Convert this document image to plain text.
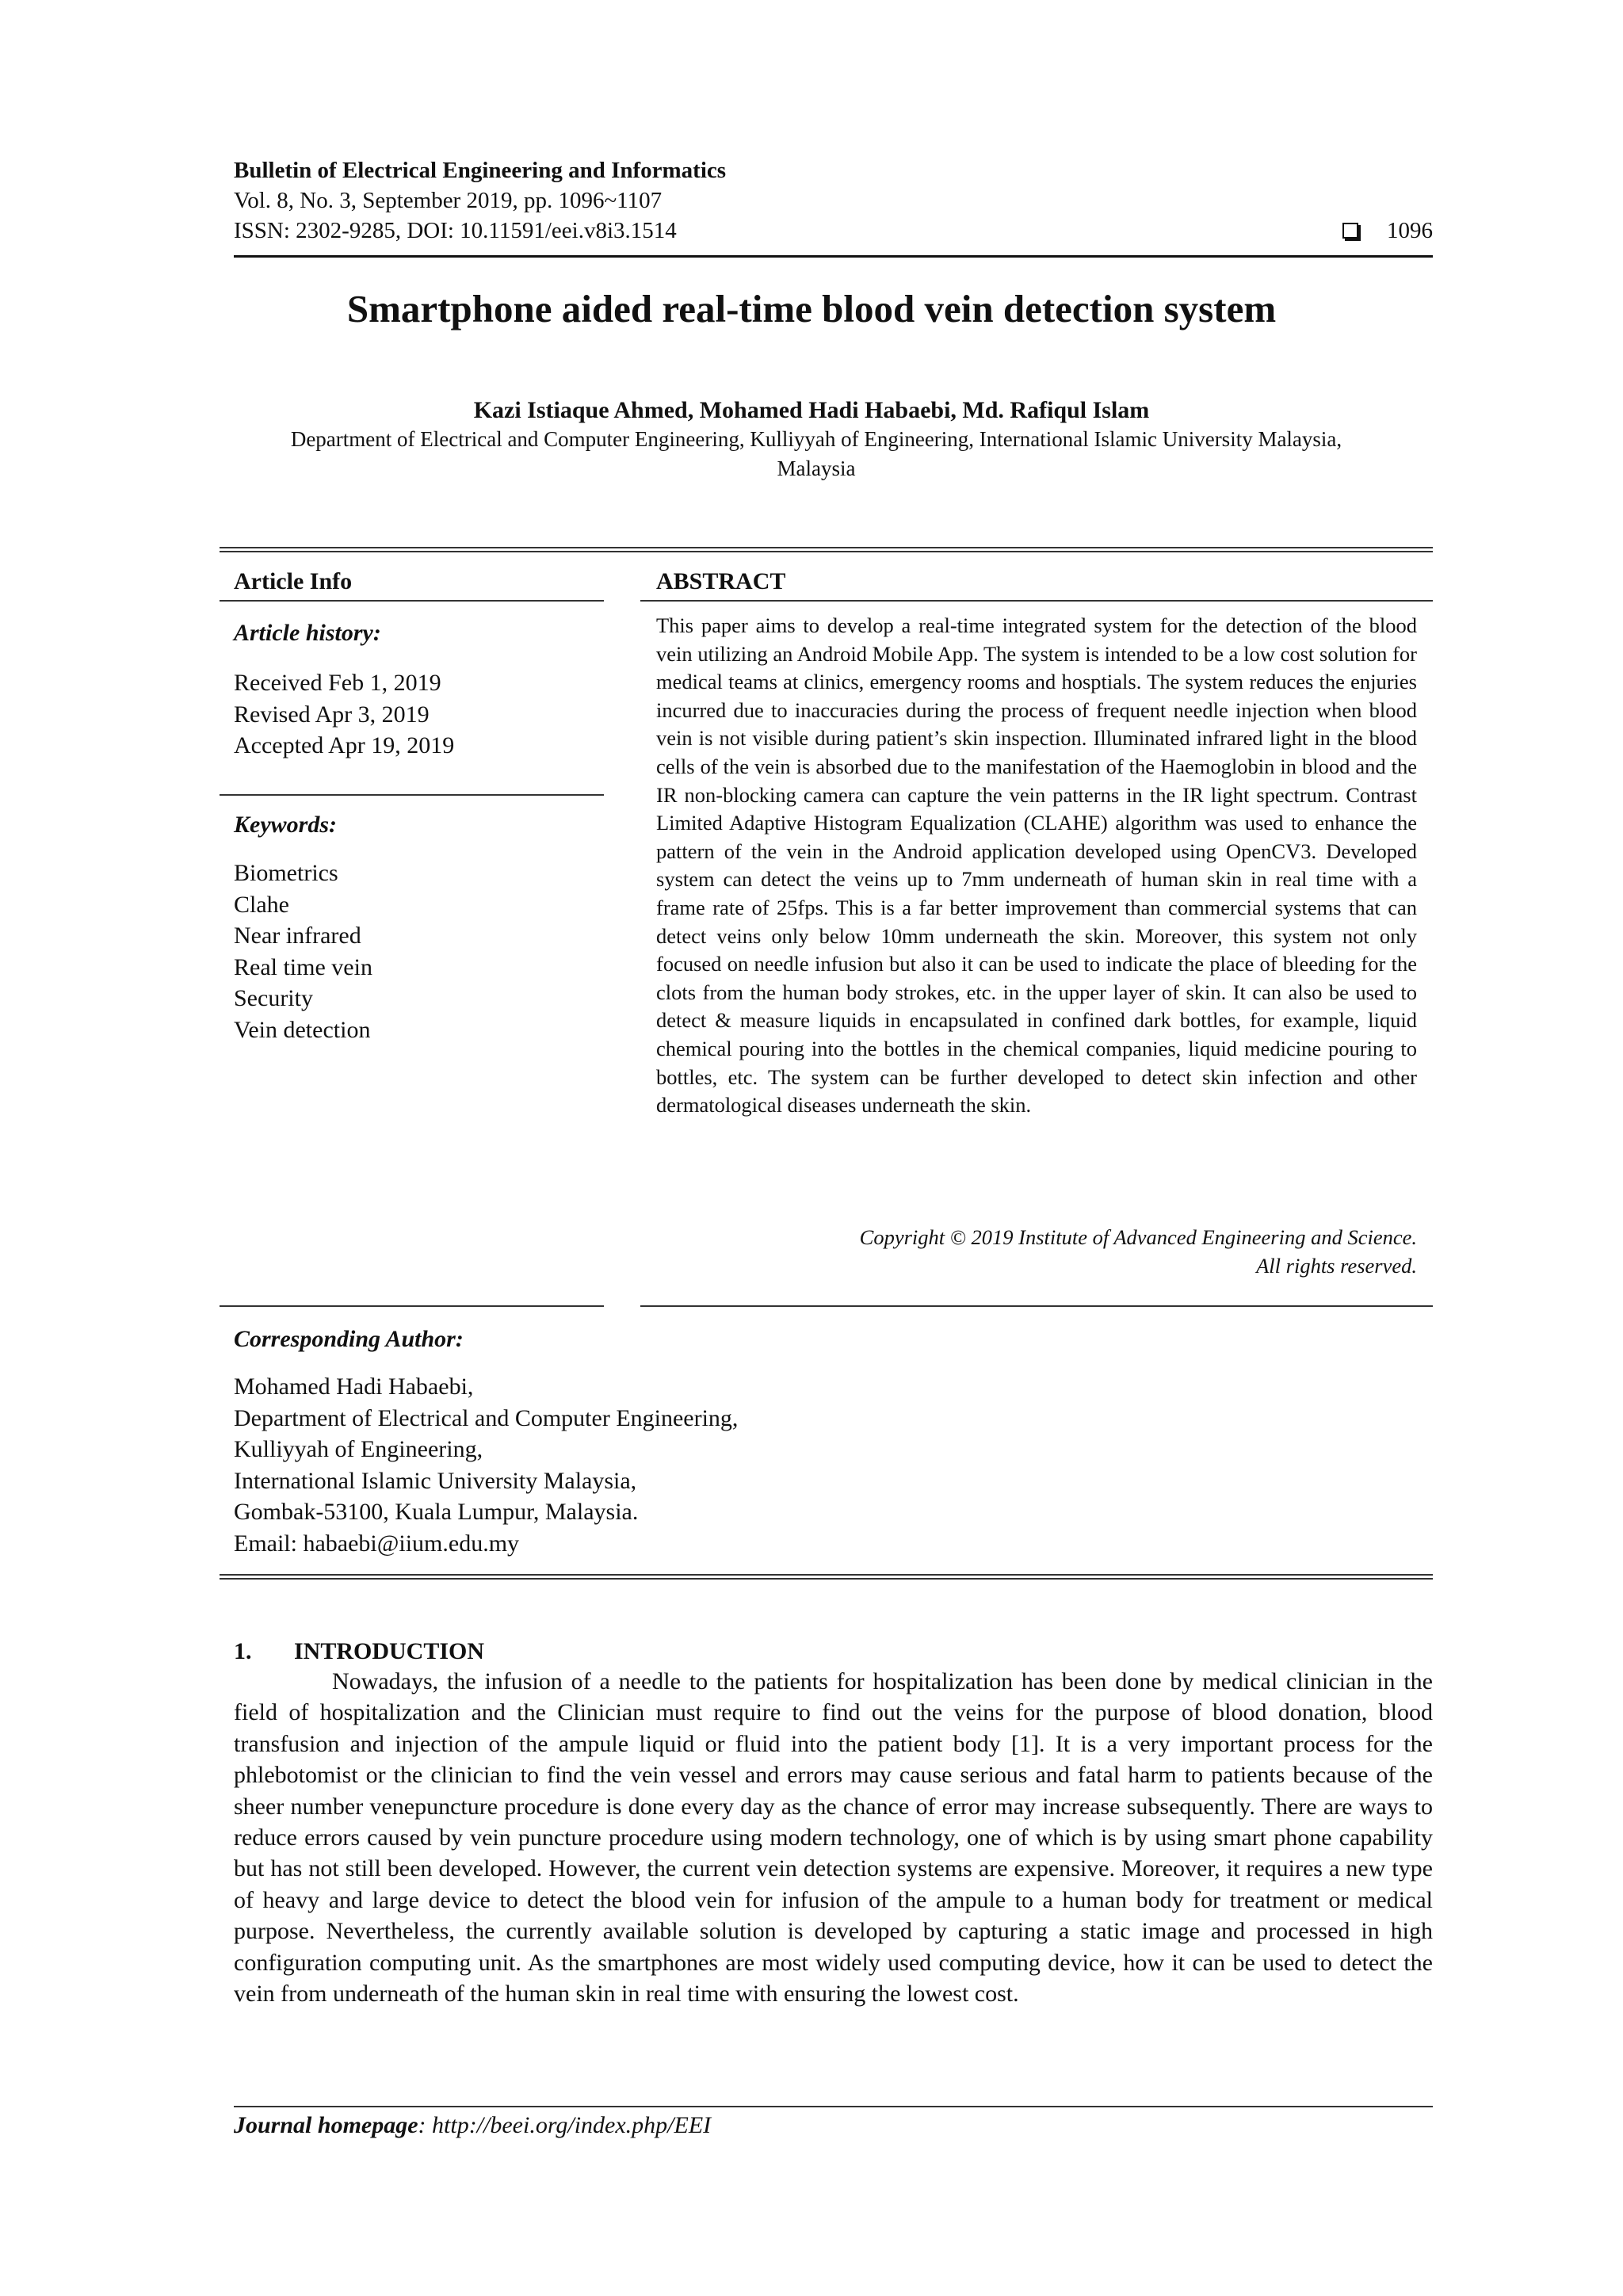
Bulletin of Electrical Engineering and Informatics
Vol. 8, No. 3, September 2019, pp. 1096~1107
ISSN: 2302-9285, DOI: 10.11591/eei.v8i3.1514	1096
Smartphone aided real-time blood vein detection system
Kazi Istiaque Ahmed, Mohamed Hadi Habaebi, Md. Rafiqul Islam
Department of Electrical and Computer Engineering, Kulliyyah of Engineering, International Islamic University Malaysia, Malaysia
Article Info
Article history:
Received Feb 1, 2019
Revised Apr 3, 2019
Accepted Apr 19, 2019
Keywords:
Biometrics
Clahe
Near infrared
Real time vein
Security
Vein detection
ABSTRACT
This paper aims to develop a real-time integrated system for the detection of the blood vein utilizing an Android Mobile App. The system is intended to be a low cost solution for medical teams at clinics, emergency rooms and hosptials. The system reduces the enjuries incurred due to inaccuracies during the process of frequent needle injection when blood vein is not visible during patient’s skin inspection. Illuminated infrared light in the blood cells of the vein is absorbed due to the manifestation of the Haemoglobin in blood and the IR non-blocking camera can capture the vein patterns in the IR light spectrum. Contrast Limited Adaptive Histogram Equalization (CLAHE) algorithm was used to enhance the pattern of the vein in the Android application developed using OpenCV3. Developed system can detect the veins up to 7mm underneath of human skin in real time with a frame rate of 25fps. This is a far better improvement than commercial systems that can detect veins only below 10mm underneath the skin. Moreover, this system not only focused on needle infusion but also it can be used to indicate the place of bleeding for the clots from the human body strokes, etc. in the upper layer of skin. It can also be used to detect & measure liquids in encapsulated in confined dark bottles, for example, liquid chemical pouring into the bottles in the chemical companies, liquid medicine pouring to bottles, etc. The system can be further developed to detect skin infection and other dermatological diseases underneath the skin.
Copyright © 2019 Institute of Advanced Engineering and Science.
All rights reserved.
Corresponding Author:
Mohamed Hadi Habaebi,
Department of Electrical and Computer Engineering,
Kulliyyah of Engineering,
International Islamic University Malaysia,
Gombak-53100, Kuala Lumpur, Malaysia.
Email: habaebi@iium.edu.my
1. INTRODUCTION
Nowadays, the infusion of a needle to the patients for hospitalization has been done by medical clinician in the field of hospitalization and the Clinician must require to find out the veins for the purpose of blood donation, blood transfusion and injection of the ampule liquid or fluid into the patient body [1]. It is a very important process for the phlebotomist or the clinician to find the vein vessel and errors may cause serious and fatal harm to patients because of the sheer number venepuncture procedure is done every day as the chance of error may increase subsequently. There are ways to reduce errors caused by vein puncture procedure using modern technology, one of which is by using smart phone capability but has not still been developed. However, the current vein detection systems are expensive. Moreover, it requires a new type of heavy and large device to detect the blood vein for infusion of the ampule to a human body for treatment or medical purpose. Nevertheless, the currently available solution is developed by capturing a static image and processed in high configuration computing unit. As the smartphones are most widely used computing device, how it can be used to detect the vein from underneath of the human skin in real time with ensuring the lowest cost.
Journal homepage: http://beei.org/index.php/EEI
